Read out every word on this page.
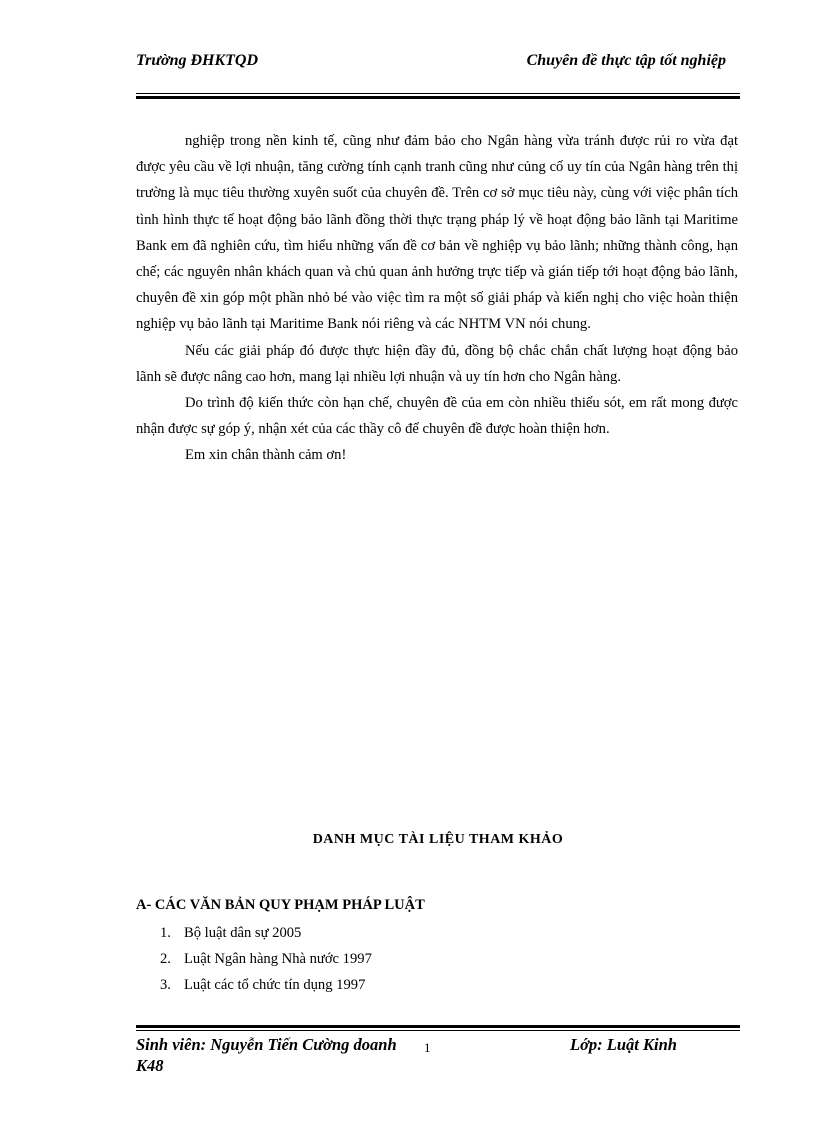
Trường ĐHKTQD	Chuyên đề thực tập tốt nghiệp

nghiệp trong nền kinh tế, cũng như đảm bảo cho Ngân hàng vừa tránh được rủi ro vừa đạt được yêu cầu về lợi nhuận, tăng cường tính cạnh tranh cũng như củng cố uy tín của Ngân hàng trên thị trường là mục tiêu thường xuyên suốt của chuyên đề. Trên cơ sở mục tiêu này, cùng với việc phân tích tình hình thực tế hoạt động bảo lãnh đồng thời thực trạng pháp lý về hoạt động bảo lãnh tại Maritime Bank em đã nghiên cứu, tìm hiểu những vấn đề cơ bản về nghiệp vụ bảo lãnh; những thành công, hạn chế; các nguyên nhân khách quan và chủ quan ảnh hưởng trực tiếp và gián tiếp tới hoạt động bảo lãnh, chuyên đề xin góp một phần nhỏ bé vào việc tìm ra một số giải pháp và kiến nghị cho việc hoàn thiện nghiệp vụ bảo lãnh tại Maritime Bank nói riêng và các NHTM VN nói chung.

Nếu các giải pháp đó được thực hiện đầy đủ, đồng bộ chắc chắn chất lượng hoạt động bảo lãnh sẽ được nâng cao hơn, mang lại nhiều lợi nhuận và uy tín hơn cho Ngân hàng.

Do trình độ kiến thức còn hạn chế, chuyên đề của em còn nhiều thiếu sót, em rất mong được nhận được sự góp ý, nhận xét của các thầy cô để chuyên đề được hoàn thiện hơn.

Em xin chân thành cảm ơn!

DANH MỤC TÀI LIỆU THAM KHẢO
A- CÁC VĂN BẢN QUY PHẠM PHÁP LUẬT
1. Bộ luật dân sự 2005
2. Luật Ngân hàng Nhà nước 1997
3. Luật các tổ chức tín dụng 1997
Sinh viên: Nguyễn Tiến Cường doanh K48
1	Lớp: Luật Kinh
